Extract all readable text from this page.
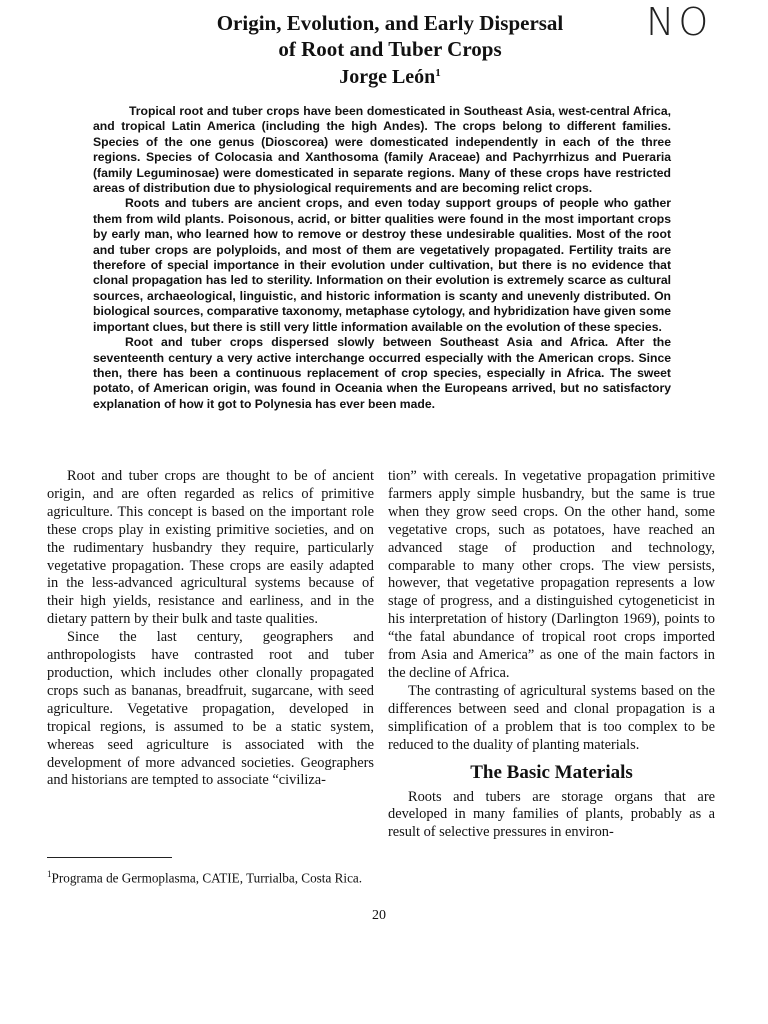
NO
Origin, Evolution, and Early Dispersal
of Root and Tuber Crops
Jorge León$^1$

Tropical root and tuber crops have been domesticated in Southeast Asia, west-central Africa, and tropical Latin America (including the high Andes). The crops belong to different families. Species of the one genus (Dioscorea) were domesticated independently in each of the three regions. Species of Colocasia and Xanthosoma (family Araceae) and Pachyrrhizus and Pueraria (family Leguminosae) were domesticated in separate regions. Many of these crops have restricted areas of distribution due to physiological requirements and are becoming relict crops.

Roots and tubers are ancient crops, and even today support groups of people who gather them from wild plants. Poisonous, acrid, or bitter qualities were found in the most important crops by early man, who learned how to remove or destroy these undesirable qualities. Most of the root and tuber crops are polyploids, and most of them are vegetatively propagated. Fertility traits are therefore of special importance in their evolution under cultivation, but there is no evidence that clonal propagation has led to sterility. Information on their evolution is extremely scarce as cultural sources, archaeological, linguistic, and historic information is scanty and unevenly distributed. On biological sources, comparative taxonomy, metaphase cytology, and hybridization have given some important clues, but there is still very little information available on the evolution of these species.

Root and tuber crops dispersed slowly between Southeast Asia and Africa. After the seventeenth century a very active interchange occurred especially with the American crops. Since then, there has been a continuous replacement of crop species, especially in Africa. The sweet potato, of American origin, was found in Oceania when the Europeans arrived, but no satisfactory explanation of how it got to Polynesia has ever been made.

Root and tuber crops are thought to be of ancient origin, and are often regarded as relics of primitive agriculture. This concept is based on the important role these crops play in existing primitive societies, and on the rudimentary husbandry they require, particularly vegetative propagation. These crops are easily adapted in the less-advanced agricultural systems because of their high yields, resistance and earliness, and in the dietary pattern by their bulk and taste qualities.

Since the last century, geographers and anthropologists have contrasted root and tuber production, which includes other clonally propagated crops such as bananas, breadfruit, sugarcane, with seed agriculture. Vegetative propagation, developed in tropical regions, is assumed to be a static system, whereas seed agriculture is associated with the development of more advanced societies. Geographers and historians are tempted to associate “civiliza-

tion” with cereals. In vegetative propagation primitive farmers apply simple husbandry, but the same is true when they grow seed crops. On the other hand, some vegetative crops, such as potatoes, have reached an advanced stage of production and technology, comparable to many other crops. The view persists, however, that vegetative propagation represents a low stage of progress, and a distinguished cytogeneticist in his interpretation of history (Darlington 1969), points to “the fatal abundance of tropical root crops imported from Asia and America” as one of the main factors in the decline of Africa.

The contrasting of agricultural systems based on the differences between seed and clonal propagation is a simplification of a problem that is too complex to be reduced to the duality of planting materials.

The Basic Materials

Roots and tubers are storage organs that are developed in many families of plants, probably as a result of selective pressures in environ-

$^1$Programa de Germoplasma, CATIE, Turrialba, Costa Rica.
20
